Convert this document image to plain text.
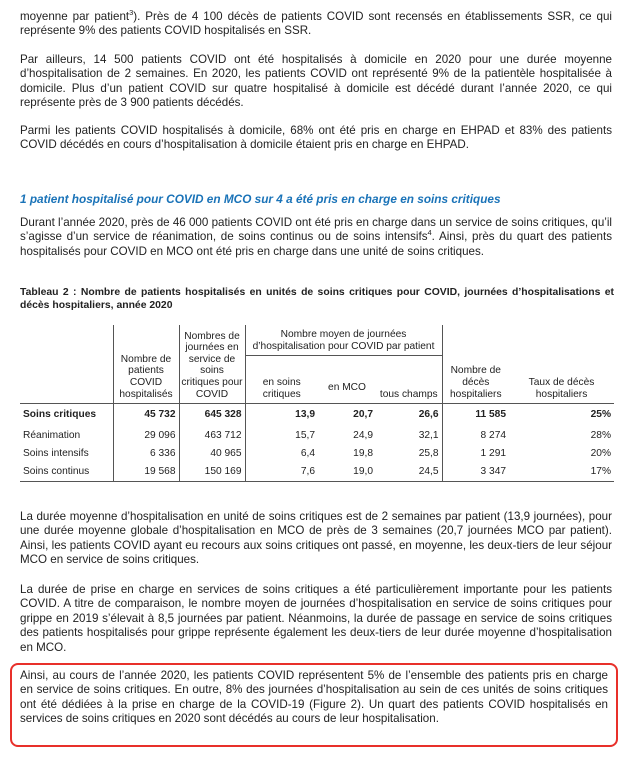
moyenne par patient$^3$). Près de 4 100 décès de patients COVID sont recensés en établissements SSR, ce qui représente 9% des patients COVID hospitalisés en SSR.

Par ailleurs, 14 500 patients COVID ont été hospitalisés à domicile en 2020 pour une durée moyenne d’hospitalisation de 2 semaines. En 2020, les patients COVID ont représenté 9% de la patientèle hospitalisée à domicile. Plus d’un patient COVID sur quatre hospitalisé à domicile est décédé durant l’année 2020, ce qui représente près de 3 900 patients décédés.

Parmi les patients COVID hospitalisés à domicile, 68% ont été pris en charge en EHPAD et 83% des patients COVID décédés en cours d’hospitalisation à domicile étaient pris en charge en EHPAD.

1 patient hospitalisé pour COVID en MCO sur 4 a été pris en charge en soins critiques

Durant l’année 2020, près de 46 000 patients COVID ont été pris en charge dans un service de soins critiques, qu’il s’agisse d’un service de réanimation, de soins continus ou de soins intensifs$^4$. Ainsi, près du quart des patients hospitalisés pour COVID en MCO ont été pris en charge dans une unité de soins critiques.

Tableau 2 : Nombre de patients hospitalisés en unités de soins critiques pour COVID, journées d’hospitalisations et décès hospitaliers, année 2020

	Nombre de patients COVID hospitalisés	Nombres de journées en service de soins critiques pour COVID	Nombre moyen de journées d’hospitalisation pour COVID par patient			Nombre de décès hospitaliers	Taux de décès hospitaliers
			en soins critiques	en MCO	tous champs		
Soins critiques	45 732	645 328	13,9	20,7	26,6	11 585	25%
Réanimation	29 096	463 712	15,7	24,9	32,1	8 274	28%
Soins intensifs	6 336	40 965	6,4	19,8	25,8	1 291	20%
Soins continus	19 568	150 169	7,6	19,0	24,5	3 347	17%

La durée moyenne d’hospitalisation en unité de soins critiques est de 2 semaines par patient (13,9 journées), pour une durée moyenne globale d’hospitalisation en MCO de près de 3 semaines (20,7 journées MCO par patient). Ainsi, les patients COVID ayant eu recours aux soins critiques ont passé, en moyenne, les deux-tiers de leur séjour MCO en service de soins critiques.

La durée de prise en charge en services de soins critiques a été particulièrement importante pour les patients COVID. A titre de comparaison, le nombre moyen de journées d’hospitalisation en service de soins critiques pour grippe en 2019 s’élevait à 8,5 journées par patient. Néanmoins, la durée de passage en service de soins critiques des patients hospitalisés pour grippe représente également les deux-tiers de leur durée moyenne d’hospitalisation en MCO.

Ainsi, au cours de l’année 2020, les patients COVID représentent 5% de l’ensemble des patients pris en charge en service de soins critiques. En outre, 8% des journées d’hospitalisation au sein de ces unités de soins critiques ont été dédiées à la prise en charge de la COVID-19 (Figure 2). Un quart des patients COVID hospitalisés en services de soins critiques en 2020 sont décédés au cours de leur hospitalisation.
